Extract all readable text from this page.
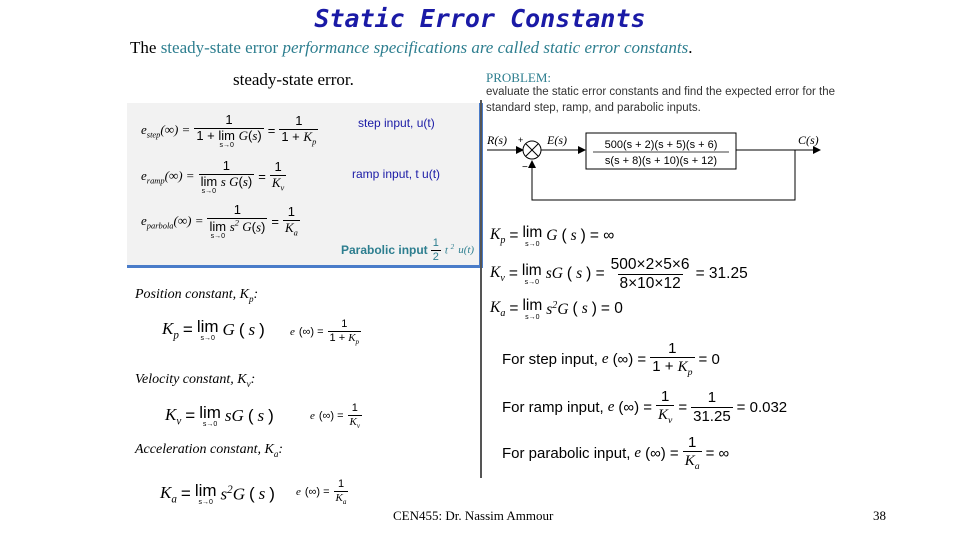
Static Error Constants
The steady-state error performance specifications are called static error constants.
steady-state error.	PROBLEM:
evaluate the static error constants and find the expected error for the standard step, ramp, and parabolic inputs.
$e_{step}(\infty) = 1$
1 + lim
s→0
$G(s) = \frac{1}{1 + K_p}$	step input, u(t)
$e_{ramp}(\infty) = 1$
lim
s→0
s $G(s) = \frac{1}{K_v}$	ramp input, t u(t)
$e_{parbola}(\infty) = 1$
lim
s→0
$s^2$ $G(s) = \frac{1}{K_a}$
Parabolic input $\frac{1}{2}$ t $^2$ u(t)
Position constant, $K_p$:
$K_p = \lim$
s→0 G ( s ) e (∞) = $\frac{1}{1 + K_p}$
Velocity constant, $K_v$:
$K_v = \lim$
s→0 sG ( s )	e (∞) = $\frac{1}{K_v}$
Acceleration constant, $K_a$:
$K_a = \lim$
s→0 $s^2G$ ( s ) e (∞) = $\frac{1}{K_a}$
R(s) +
−
E(s)	500(s + 2)(s + 5)(s + 6)
s(s + 8)(s + 10)(s + 12)
C(s)
$K_p = \lim$
s→0 G ( s ) = ∞
$K_v = \lim$
s→0 sG ( s ) = $\frac{500\times 2\times 5\times 6}{8\times 10\times 12} = 31.25$
$K_a = \lim$
s→0 $s^2G$ ( s ) = 0
For step input, e (∞) = $\frac{1}{1 + K_p} = 0$
For ramp input, e (∞) = $\frac{1}{K_v} = \frac{1}{31.25} = 0.032$
For parabolic input, e (∞) = $\frac{1}{K_a}$ = ∞
CEN455: Dr. Nassim Ammour	38
